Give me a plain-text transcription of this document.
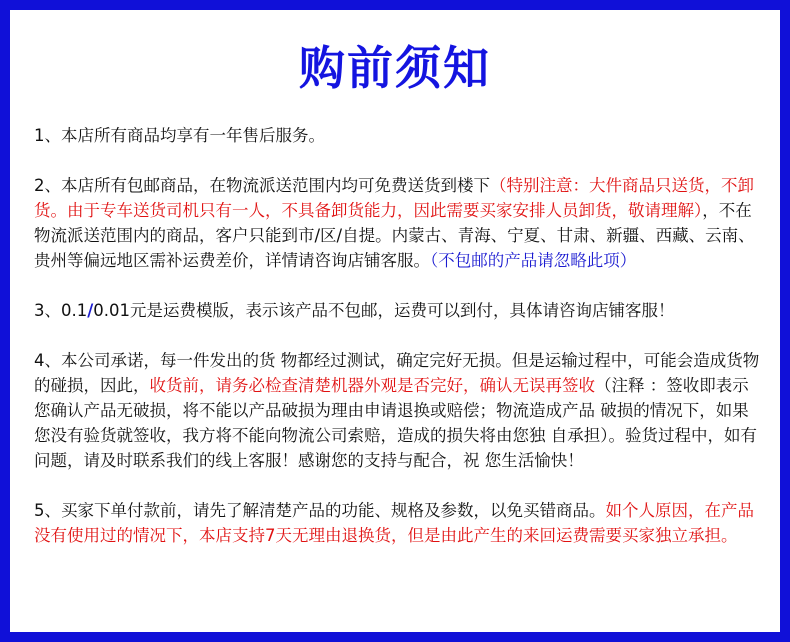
购前须知

1、本店所有商品均享有一年售后服务。

2、本店所有包邮商品，在物流派送范围内均可免费送货到楼下（特别注意：大件商品只送货，不卸货。由于专车送货司机只有一人，不具备卸货能力，因此需要买家安排人员卸货，敬请理解），不在物流派送范围内的商品，客户只能到市/区/自提。内蒙古、青海、宁夏、甘肃、新疆、西藏、云南、贵州等偏远地区需补运费差价，详情请咨询店铺客服。（不包邮的产品请忽略此项）

3、0.1/0.01元是运费模版，表示该产品不包邮，运费可以到付，具体请咨询店铺客服！

4、本公司承诺，每一件发出的货 物都经过测试，确定完好无损。但是运输过程中，可能会造成货物的碰损，因此，收货前，请务必检查清楚机器外观是否完好，确认无误再签收（注释 ：签收即表示您确认产品无破损，将不能以产品破损为理由申请退换或赔偿；物流造成产品 破损的情况下，如果您没有验货就签收，我方将不能向物流公司索赔，造成的损失将由您独 自承担）。验货过程中，如有问题，请及时联系我们的线上客服！感谢您的支持与配合，祝 您生活愉快！

5、买家下单付款前，请先了解清楚产品的功能、规格及参数，以免买错商品。如个人原因，在产品没有使用过的情况下，本店支持7天无理由退换货，但是由此产生的来回运费需要买家独立承担。
